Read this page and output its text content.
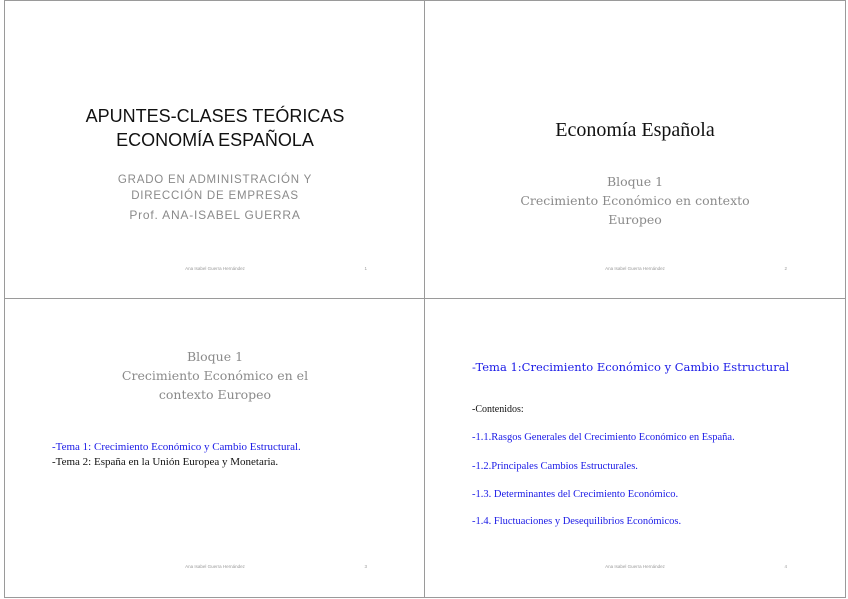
APUNTES-CLASES TEÓRICAS
ECONOMÍA ESPAÑOLA
GRADO EN ADMINISTRACIÓN Y
DIRECCIÓN DE EMPRESAS
Prof. ANA-ISABEL GUERRA
Ana Isabel Guerra Hernández	1
Economía Española
Bloque 1
Crecimiento Económico en contexto
Europeo
Ana Isabel Guerra Hernández	2
Bloque 1
Crecimiento Económico en el
contexto Europeo
-Tema 1: Crecimiento Económico y Cambio Estructural.
-Tema 2: España en la Unión Europea y Monetaria.
Ana Isabel Guerra Hernández	3
-Tema 1:Crecimiento Económico y Cambio Estructural
-Contenidos:
-1.1.Rasgos Generales del Crecimiento Económico en España.
-1.2.Principales Cambios Estructurales.
-1.3. Determinantes del Crecimiento Económico.
-1.4. Fluctuaciones y Desequilibrios Económicos.
Ana Isabel Guerra Hernández	4
